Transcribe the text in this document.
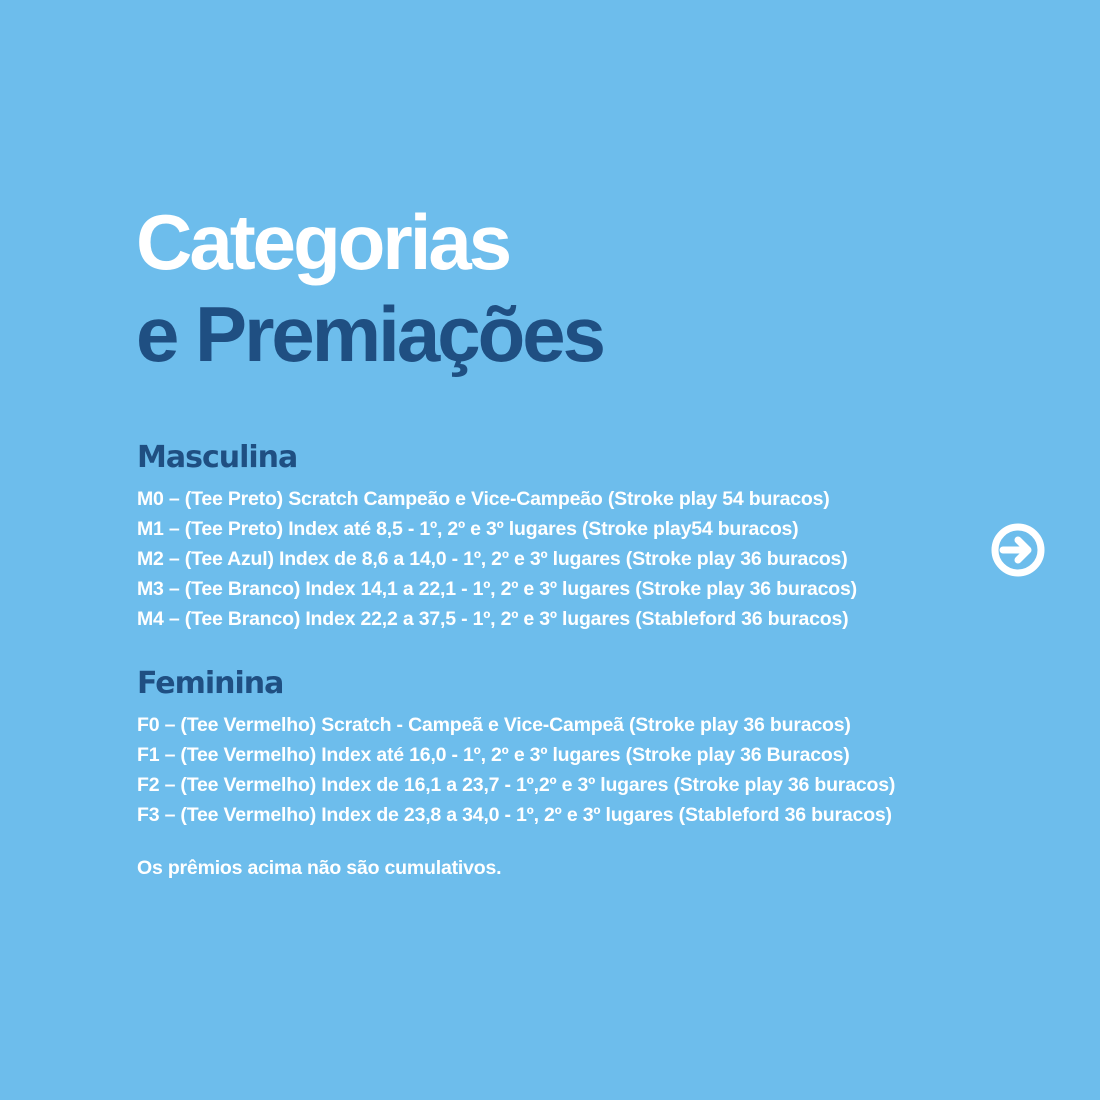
Categorias
e Premiações
Masculina
M0 – (Tee Preto) Scratch Campeão e Vice-Campeão (Stroke play 54 buracos)
M1 – (Tee Preto) Index até 8,5 - 1º, 2º e 3º lugares (Stroke play54 buracos)
M2 – (Tee Azul) Index de 8,6 a 14,0 - 1º, 2º e 3º lugares (Stroke play 36 buracos)
M3 – (Tee Branco) Index 14,1 a 22,1 - 1º, 2º e 3º lugares (Stroke play 36 buracos)
M4 – (Tee Branco) Index 22,2 a 37,5 - 1º, 2º e 3º lugares (Stableford 36 buracos)
Feminina
F0 – (Tee Vermelho) Scratch - Campeã e Vice-Campeã (Stroke play 36 buracos)
F1 – (Tee Vermelho) Index até 16,0 - 1º, 2º e 3º lugares (Stroke play 36 Buracos)
F2 – (Tee Vermelho) Index de 16,1 a 23,7 - 1º,2º e 3º lugares (Stroke play 36 buracos)
F3 – (Tee Vermelho) Index de 23,8 a 34,0 - 1º, 2º e 3º lugares (Stableford 36 buracos)
Os prêmios acima não são cumulativos.
